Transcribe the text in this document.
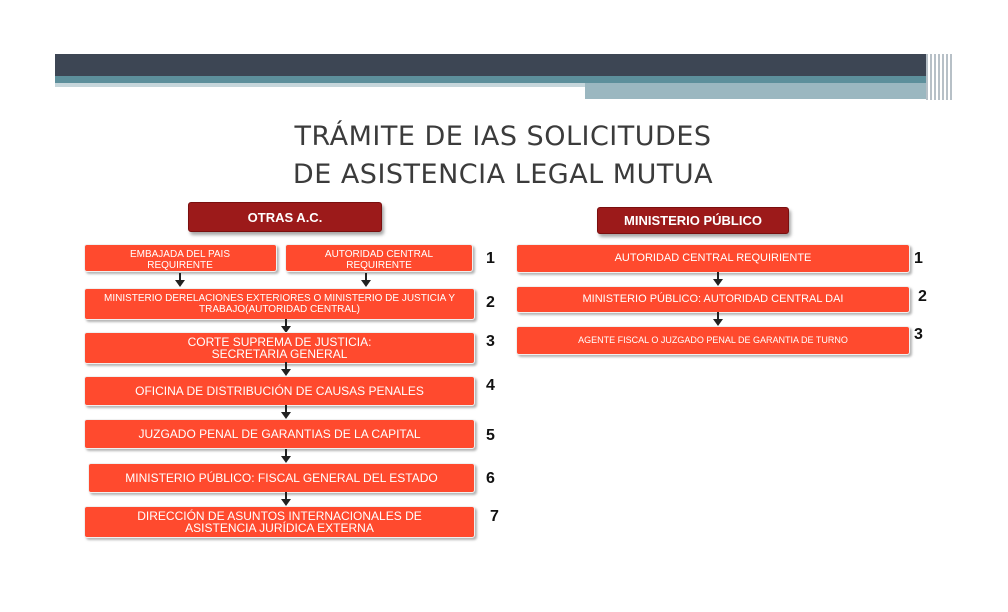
TRÁMITE DE IAS SOLICITUDES
DE ASISTENCIA LEGAL MUTUA
OTRAS A.C.
EMBAJADA DEL PAIS REQUIRENTE
AUTORIDAD CENTRAL REQUIRENTE	1
MINISTERIO DERELACIONES EXTERIORES O MINISTERIO DE JUSTICIA Y TRABAJO(AUTORIDAD CENTRAL)	2
CORTE SUPREMA DE JUSTICIA: SECRETARIA GENERAL
3
OFICINA DE DISTRIBUCIÓN DE CAUSAS PENALES	4
JUZGADO PENAL DE GARANTIAS DE LA CAPITAL	5
MINISTERIO PÚBLICO: FISCAL GENERAL DEL ESTADO	6
DIRECCIÓN DE ASUNTOS INTERNACIONALES DE ASISTENCIA JURÍDICA EXTERNA
7
MINISTERIO PÚBLICO
AUTORIDAD CENTRAL REQUIRIENTE	1
MINISTERIO PÚBLICO: AUTORIDAD CENTRAL DAI	2
AGENTE FISCAL O JUZGADO PENAL DE GARANTIA DE TURNO	3
